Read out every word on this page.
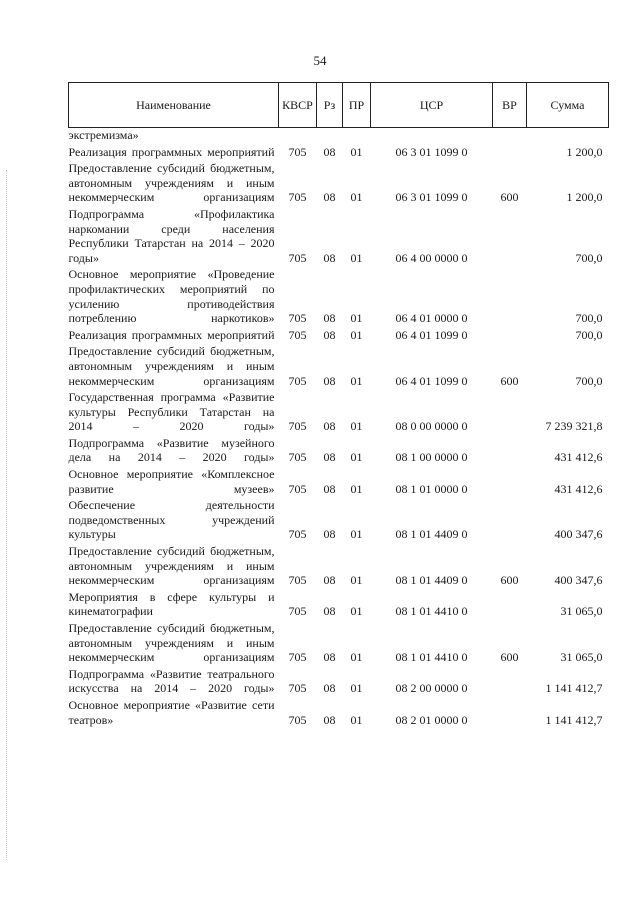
54
Наименование	КВСР	Рз	ПР	ЦСР	ВР	Сумма
экстремизма»						
Реализация программных мероприятий	705	08	01	06 3 01 1099 0		1 200,0
Предоставление субсидий бюджетным, автономным учреждениям и иным некоммерческим организациям	705	08	01	06 3 01 1099 0	600	1 200,0
Подпрограмма «Профилактика наркомании среди населения Республики Татарстан на 2014 – 2020 годы»	705	08	01	06 4 00 0000 0		700,0
Основное мероприятие «Проведение профилактических мероприятий по усилению противодействия потреблению наркотиков»	705	08	01	06 4 01 0000 0		700,0
Реализация программных мероприятий	705	08	01	06 4 01 1099 0		700,0
Предоставление субсидий бюджетным, автономным учреждениям и иным некоммерческим организациям	705	08	01	06 4 01 1099 0	600	700,0
Государственная программа «Развитие культуры Республики Татарстан на 2014 – 2020 годы»	705	08	01	08 0 00 0000 0		7 239 321,8
Подпрограмма «Развитие музейного дела на 2014 – 2020 годы»	705	08	01	08 1 00 0000 0		431 412,6
Основное мероприятие «Комплексное развитие музеев»	705	08	01	08 1 01 0000 0		431 412,6
Обеспечение деятельности подведомственных учреждений культуры	705	08	01	08 1 01 4409 0		400 347,6
Предоставление субсидий бюджетным, автономным учреждениям и иным некоммерческим организациям	705	08	01	08 1 01 4409 0	600	400 347,6
Мероприятия в сфере культуры и кинематографии	705	08	01	08 1 01 4410 0		31 065,0
Предоставление субсидий бюджетным, автономным учреждениям и иным некоммерческим организациям	705	08	01	08 1 01 4410 0	600	31 065,0
Подпрограмма «Развитие театрального искусства на 2014 – 2020 годы»	705	08	01	08 2 00 0000 0		1 141 412,7
Основное мероприятие «Развитие сети театров»	705	08	01	08 2 01 0000 0		1 141 412,7
